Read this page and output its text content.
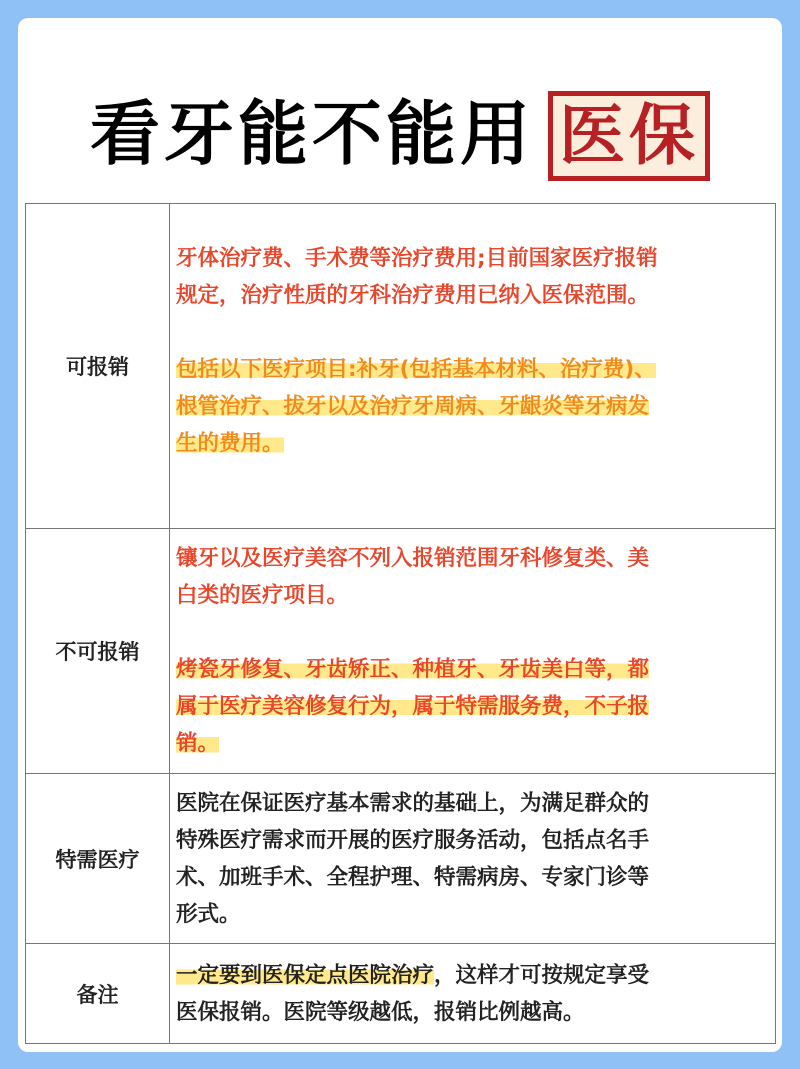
看牙能不能用 医保
可报销	牙体治疗费、手术费等治疗费用;目前国家医疗报销
规定，治疗性质的牙科治疗费用已纳入医保范围。
包括以下医疗项目:补牙(包括基本材料、治疗费)、
根管治疗、拔牙以及治疗牙周病、牙龈炎等牙病发
生的费用。

不可报销	镶牙以及医疗美容不列入报销范围牙科修复类、美
白类的医疗项目。
烤瓷牙修复、牙齿矫正、种植牙、牙齿美白等，都
属于医疗美容修复行为，属于特需服务费，不子报
销。

特需医疗	医院在保证医疗基本需求的基础上，为满足群众的
特殊医疗需求而开展的医疗服务活动，包括点名手
术、加班手术、全程护理、特需病房、专家门诊等
形式。

备注	一定要到医保定点医院治疗，这样才可按规定享受
医保报销。医院等级越低，报销比例越高。
